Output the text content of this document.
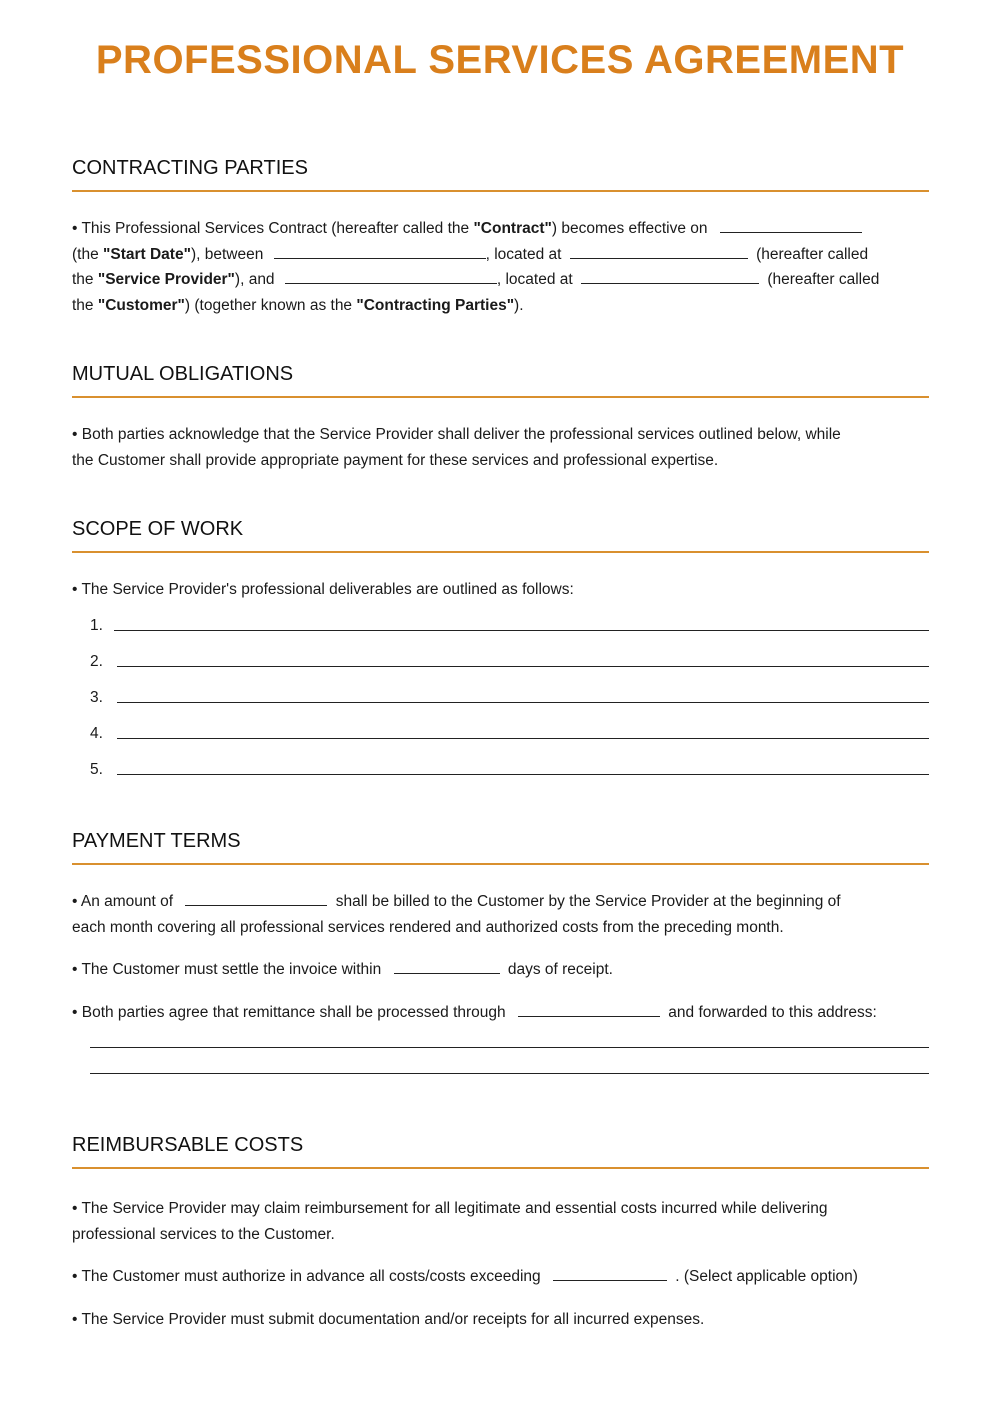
PROFESSIONAL SERVICES AGREEMENT
CONTRACTING PARTIES

• This Professional Services Contract (hereafter called the "Contract") becomes effective on
(the "Start Date"), between	, located at	(hereafter called
the "Service Provider"), and	, located at	(hereafter called
the "Customer") (together known as the "Contracting Parties").

MUTUAL OBLIGATIONS

• Both parties acknowledge that the Service Provider shall deliver the professional services outlined below, while
the Customer shall provide appropriate payment for these services and professional expertise.

SCOPE OF WORK

• The Service Provider's professional deliverables are outlined as follows:

1.
2.
3.
4.
5.
PAYMENT TERMS

• An amount of	shall be billed to the Customer by the Service Provider at the beginning of
each month covering all professional services rendered and authorized costs from the preceding month.

• The Customer must settle the invoice within	days of receipt.

• Both parties agree that remittance shall be processed through	and forwarded to this address:

REIMBURSABLE COSTS

• The Service Provider may claim reimbursement for all legitimate and essential costs incurred while delivering
professional services to the Customer.

• The Customer must authorize in advance all costs/costs exceeding	. (Select applicable option)

• The Service Provider must submit documentation and/or receipts for all incurred expenses.
